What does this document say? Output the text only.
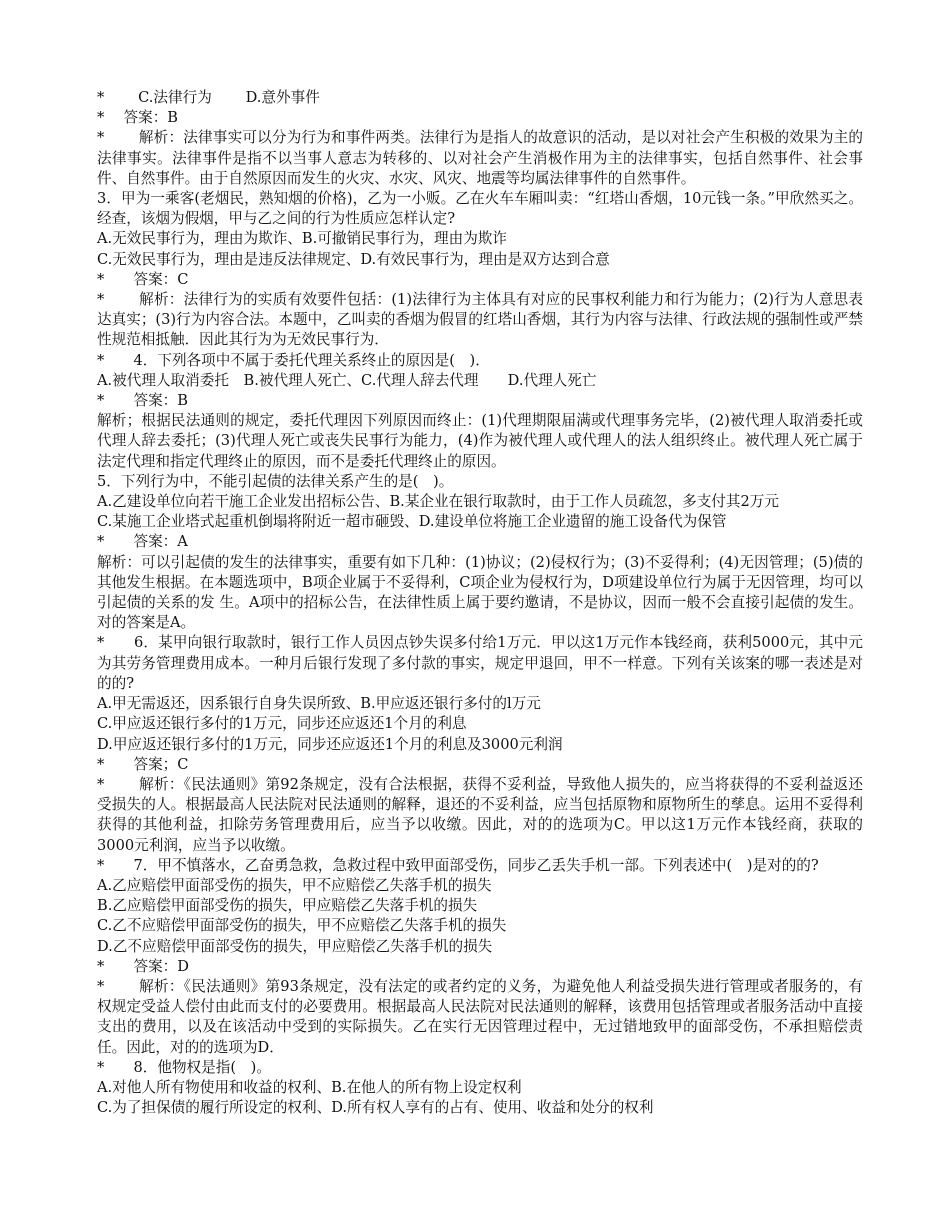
*　　 C.法律行为　　 D.意外事件
*　 答案：B

*　　 解析：法律事实可以分为行为和事件两类。法律行为是指人的故意识的活动，是以对社会产生积极的效果为主的法律事实。法律事件是指不以当事人意志为转移的、以对社会产生消极作用为主的法律事实，包括自然事件、社会事件、自然事件。由于自然原因而发生的火灾、水灾、风灾、地震等均属法律事件的自然事件。

3．甲为一乘客(老烟民，熟知烟的价格)，乙为一小贩。乙在火车车厢叫卖：“红塔山香烟，10元钱一条。”甲欣然买之。经查，该烟为假烟，甲与乙之间的行为性质应怎样认定?

A.无效民事行为，理由为欺诈、B.可撤销民事行为，理由为欺诈
C.无效民事行为，理由是违反法律规定、D.有效民事行为，理由是双方达到合意
*　　答案：C

*　　 解析：法律行为的实质有效要件包括：(1)法律行为主体具有对应的民事权利能力和行为能力；(2)行为人意思表达真实；(3)行为内容合法。本题中，乙叫卖的香烟为假冒的红塔山香烟，其行为内容与法律、行政法规的强制性或严禁性规范相抵触．因此其行为为无效民事行为．

*　　4．下列各项中不属于委托代理关系终止的原因是(　)．
A.被代理人取消委托　B.被代理人死亡、C.代理人辞去代理　　D.代理人死亡
*　　答案：B

解析；根据民法通则的规定，委托代理因下列原因而终止：(1)代理期限届满或代理事务完毕，(2)被代理人取消委托或代理人辞去委托；(3)代理人死亡或丧失民事行为能力，(4)作为被代理人或代理人的法人组织终止。被代理人死亡属于法定代理和指定代理终止的原因，而不是委托代理终止的原因。

5．下列行为中，不能引起债的法律关系产生的是(　)。
A.乙建设单位向若干施工企业发出招标公告、B.某企业在银行取款时，由于工作人员疏忽，多支付其2万元
C.某施工企业塔式起重机倒塌将附近一超市砸毁、D.建设单位将施工企业遗留的施工设备代为保管
*　　答案：A

解析：可以引起债的发生的法律事实，重要有如下几种：(1)协议；(2)侵权行为；(3)不妥得利；(4)无因管理；(5)债的其他发生根据。在本题选项中，B项企业属于不妥得利，C项企业为侵权行为，D项建设单位行为属于无因管理，均可以引起债的关系的发 生。A项中的招标公告，在法律性质上属于要约邀请，不是协议，因而一般不会直接引起债的发生。对的答案是A。

*　　6．某甲向银行取款时，银行工作人员因点钞失误多付给1万元．甲以这1万元作本钱经商，获利5000元，其中元为其劳务管理费用成本。一种月后银行发现了多付款的事实，规定甲退回，甲不一样意。下列有关该案的哪一表述是对的的?

A.甲无需返还，因系银行自身失误所致、B.甲应返还银行多付的l万元
C.甲应返还银行多付的1万元，同步还应返还1个月的利息
D.甲应返还银行多付的1万元，同步还应返还1个月的利息及3000元利润
*　　答案；C

*　　 解析：《民法通则》第92条规定，没有合法根据，获得不妥利益，导致他人损失的，应当将获得的不妥利益返还受损失的人。根据最高人民法院对民法通则的解释，退还的不妥利益，应当包括原物和原物所生的孳息。运用不妥得利获得的其他利益，扣除劳务管理费用后，应当予以收缴。因此，对的的选项为C。甲以这1万元作本钱经商，获取的3000元利润，应当予以收缴。

*　　7．甲不慎落水，乙奋勇急救，急救过程中致甲面部受伤，同步乙丢失手机一部。下列表述中(　)是对的的?

A.乙应赔偿甲面部受伤的损失，甲不应赔偿乙失落手机的损失
B.乙应赔偿甲面部受伤的损失，甲应赔偿乙失落手机的损失
C.乙不应赔偿甲面部受伤的损失，甲不应赔偿乙失落手机的损失
D.乙不应赔偿甲面部受伤的损失，甲应赔偿乙失落手机的损失
*　　答案：D

*　　 解析：《民法通则》第93条规定，没有法定的或者约定的义务，为避免他人利益受损失进行管理或者服务的，有权规定受益人偿付由此而支付的必要费用。根据最高人民法院对民法通则的解释，该费用包括管理或者服务活动中直接支出的费用，以及在该活动中受到的实际损失。乙在实行无因管理过程中，无过错地致甲的面部受伤，不承担赔偿责任。因此，对的的选项为D．

*　　8．他物权是指(　)。
A.对他人所有物使用和收益的权利、B.在他人的所有物上设定权利
C.为了担保债的履行所设定的权利、D.所有权人享有的占有、使用、收益和处分的权利
